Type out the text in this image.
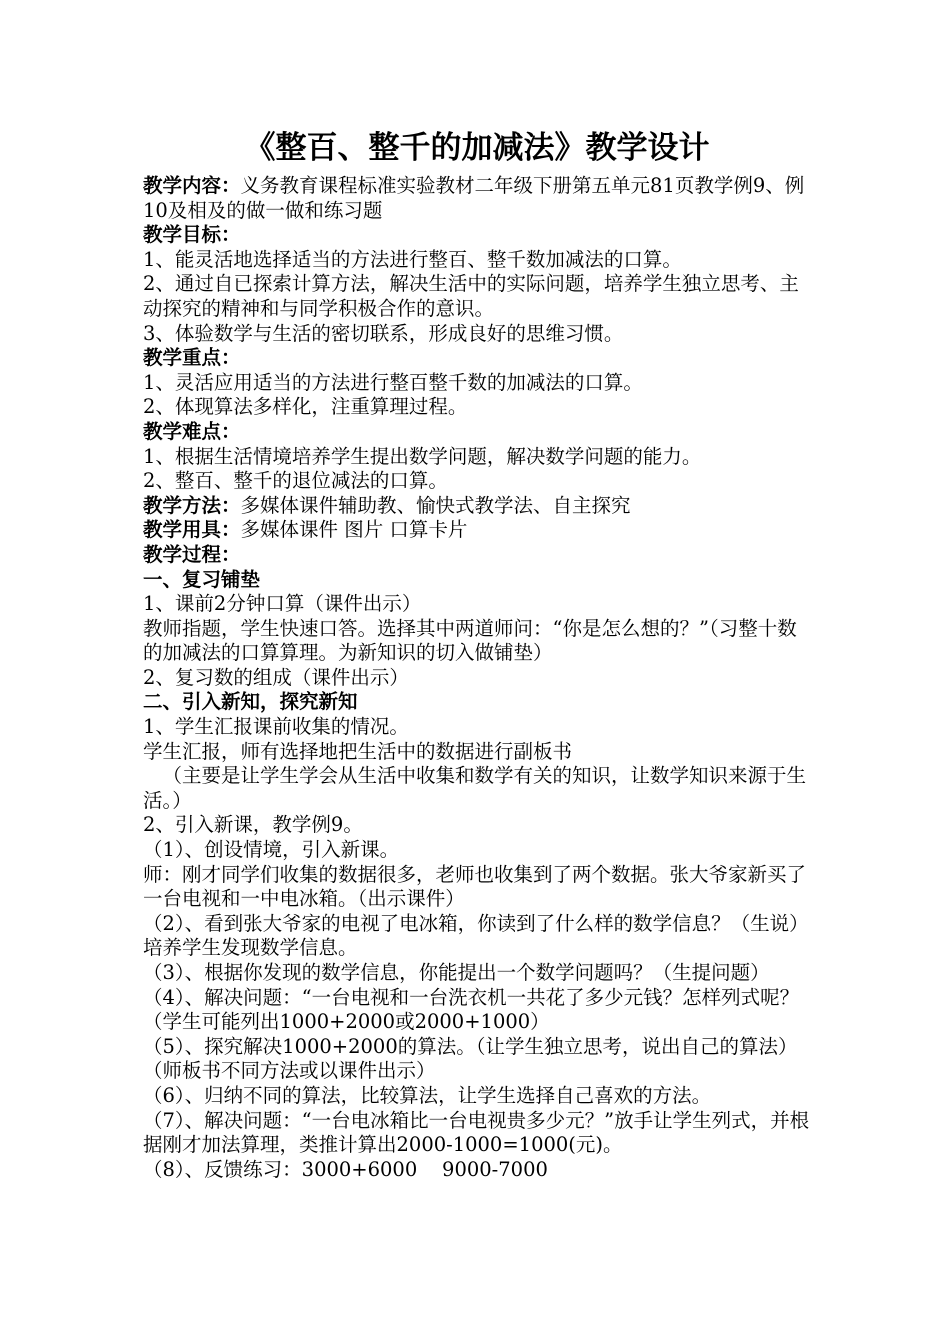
《整百、整千的加减法》教学设计

教学内容：义务教育课程标准实验教材二年级下册第五单元81页教学例9、例10及相及的做一做和练习题

教学目标：

1、能灵活地选择适当的方法进行整百、整千数加减法的口算。

2、通过自已探索计算方法，解决生活中的实际问题，培养学生独立思考、主动探究的精神和与同学积极合作的意识。

3、体验数学与生活的密切联系，形成良好的思维习惯。

教学重点：

1、灵活应用适当的方法进行整百整千数的加减法的口算。

2、体现算法多样化，注重算理过程。

教学难点：

1、根据生活情境培养学生提出数学问题，解决数学问题的能力。

2、整百、整千的退位减法的口算。

教学方法：多媒体课件辅助教、愉快式教学法、自主探究

教学用具：多媒体课件 图片 口算卡片

教学过程：

一、复习铺垫

1、课前2分钟口算（课件出示）

教师指题，学生快速口答。选择其中两道师问：“你是怎么想的？”（习整十数的加减法的口算算理。为新知识的切入做铺垫）

2、复习数的组成（课件出示）

二、引入新知，探究新知

1、学生汇报课前收集的情况。

学生汇报，师有选择地把生活中的数据进行副板书

（主要是让学生学会从生活中收集和数学有关的知识，让数学知识来源于生活。）

2、引入新课，教学例9。

（1）、创设情境，引入新课。

师：刚才同学们收集的数据很多，老师也收集到了两个数据。张大爷家新买了一台电视和一中电冰箱。（出示课件）

（2）、看到张大爷家的电视了电冰箱，你读到了什么样的数学信息？（生说）培养学生发现数学信息。

（3）、根据你发现的数学信息，你能提出一个数学问题吗？（生提问题）

（4）、解决问题：“一台电视和一台洗衣机一共花了多少元钱？怎样列式呢？（学生可能列出1000+2000或2000+1000）

（5）、探究解决1000+2000的算法。（让学生独立思考，说出自己的算法）（师板书不同方法或以课件出示）

（6）、归纳不同的算法，比较算法，让学生选择自己喜欢的方法。

（7）、解决问题：“一台电冰箱比一台电视贵多少元？”放手让学生列式，并根据刚才加法算理，类推计算出2000-1000=1000(元)。

（8）、反馈练习：3000+6000    9000-7000
